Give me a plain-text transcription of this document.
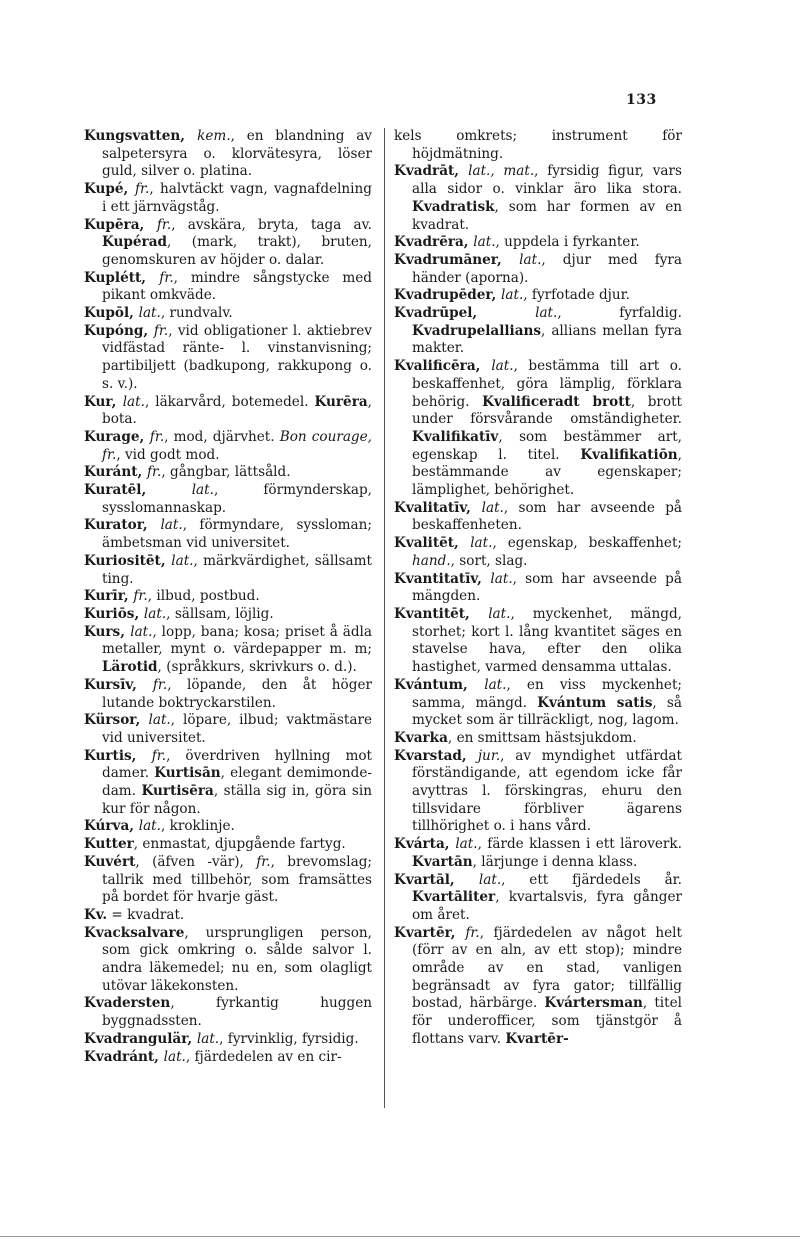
133

Kungsvatten, kem., en blandning av salpetersyra o. klorvätesyra, löser guld, silver o. platina.

Kupé, fr., halvtäckt vagn, vagnafdelning i ett järnvägståg.

Kupēra, fr., avskära, bryta, taga av. Kupérad, (mark, trakt), bruten, genomskuren av höjder o. dalar.

Kuplétt, fr., mindre sångstycke med pikant omkväde.

Kupōl, lat., rundvalv.

Kupóng, fr., vid obligationer l. aktiebrev vidfästad ränte- l. vinstanvisning; partibiljett (badkupong, rakkupong o. s. v.).

Kur, lat., läkarvård, botemedel. Kurēra, bota.

Kurage, fr., mod, djärvhet. Bon courage, fr., vid godt mod.

Kuránt, fr., gångbar, lättsåld.

Kuratēl, lat., förmynderskap, sysslomannaskap.

Kurator, lat., förmyndare, syssloman; ämbetsman vid universitet.

Kuriositēt, lat., märkvärdighet, sällsamt ting.

Kurīr, fr., ilbud, postbud.

Kuriōs, lat., sällsam, löjlig.

Kurs, lat., lopp, bana; kosa; priset å ädla metaller, mynt o. värdepapper m. m; Lärotid, (språkkurs, skrivkurs o. d.).

Kursīv, fr., löpande, den åt höger lutande boktryckarstilen.

Kürsor, lat., löpare, ilbud; vaktmästare vid universitet.

Kurtis, fr., överdriven hyllning mot damer. Kurtisān, elegant demimonde-dam. Kurtisēra, ställa sig in, göra sin kur för någon.

Kúrva, lat., kroklinje.

Kutter, enmastat, djupgående fartyg.

Kuvért, (äfven -vär), fr., brevomslag; tallrik med tillbehör, som framsättes på bordet för hvarje gäst.

Kv. = kvadrat.

Kvacksalvare, ursprungligen person, som gick omkring o. sålde salvor l. andra läkemedel; nu en, som olagligt utövar läkekonsten.

Kvadersten, fyrkantig huggen byggnadssten.

Kvadrangulär, lat., fyrvinklig, fyrsidig.

Kvadránt, lat., fjärdedelen av en cir-

kels omkrets; instrument för höjdmätning.

Kvadrāt, lat., mat., fyrsidig figur, vars alla sidor o. vinklar äro lika stora. Kvadratisk, som har formen av en kvadrat.

Kvadrēra, lat., uppdela i fyrkanter.

Kvadrumāner, lat., djur med fyra händer (aporna).

Kvadrupēder, lat., fyrfotade djur.

Kvadrūpel, lat., fyrfaldig. Kvadrupelallians, allians mellan fyra makter.

Kvalificēra, lat., bestämma till art o. beskaffenhet, göra lämplig, förklara behörig. Kvalificeradt brott, brott under försvårande omständigheter. Kvalifikatīv, som bestämmer art, egenskap l. titel. Kvalifikatiōn, bestämmande av egenskaper; lämplighet, behörighet.

Kvalitatīv, lat., som har avseende på beskaffenheten.

Kvalitēt, lat., egenskap, beskaffenhet; hand., sort, slag.

Kvantitatīv, lat., som har avseende på mängden.

Kvantitēt, lat., myckenhet, mängd, storhet; kort l. lång kvantitet säges en stavelse hava, efter den olika hastighet, varmed densamma uttalas.

Kvántum, lat., en viss myckenhet; samma, mängd. Kvántum satis, så mycket som är tillräckligt, nog, lagom.

Kvarka, en smittsam hästsjukdom.

Kvarstad, jur., av myndighet utfärdat förständigande, att egendom icke får avyttras l. förskingras, ehuru den tillsvidare förbliver ägarens tillhörighet o. i hans vård.

Kvárta, lat., färde klassen i ett läroverk. Kvartān, lärjunge i denna klass.

Kvartāl, lat., ett fjärdedels år. Kvartāliter, kvartalsvis, fyra gånger om året.

Kvartēr, fr., fjärdedelen av något helt (förr av en aln, av ett stop); mindre område av en stad, vanligen begränsadt av fyra gator; tillfällig bostad, härbärge. Kvártersman, titel för underofficer, som tjänstgör å flottans varv. Kvartēr-
